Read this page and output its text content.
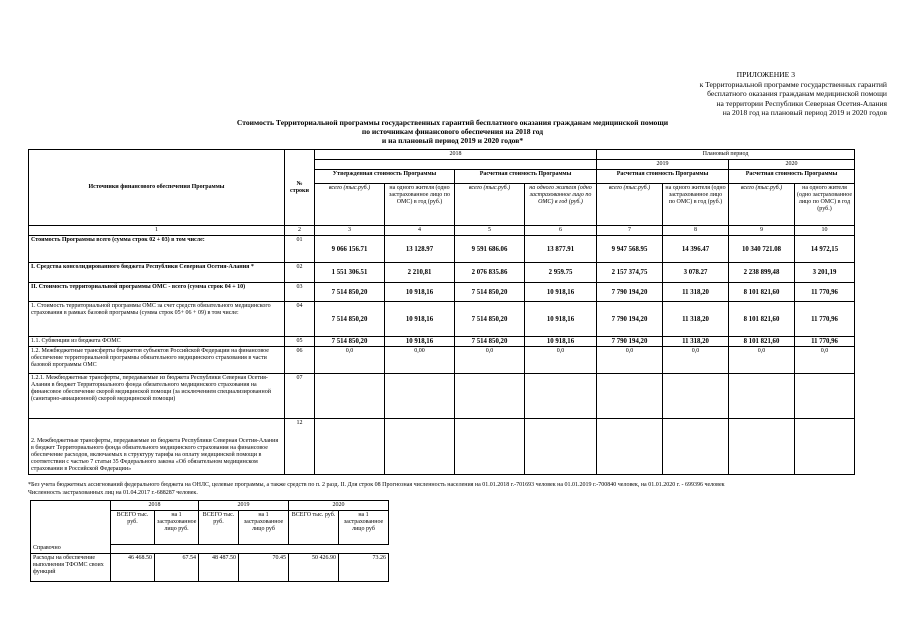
ПРИЛОЖЕНИЕ 3
к Территориальной программе государственных гарантий
бесплатного оказания гражданам медицинской помощи
на территории Республики Северная Осетия-Алания
на 2018 год на плановый период 2019 и 2020 годов
Стоимость Территориальной программы государственных гарантий бесплатного оказания гражданам медицинской помощи
по источникам финансового обеспечения на 2018 год
и на плановый период 2019 и 2020 годов*
Источники финансового обеспечения Программы	№ строки	2018				Плановый период			
						2019		2020	
		Утвержденная стоимость Программы		Расчетная стоимость Программы		Расчетная стоимость Программы		Расчетная стоимость Программы	
		всего (тыс.руб.)	на одного жителя (одно застрахованное лицо по ОМС) в год (руб.)	всего (тыс.руб.)	на одного жителя (одно застрахованное лицо по ОМС) в год (руб.)	всего (тыс.руб.)	на одного жителя (одно застрахованное лицо по ОМС) в год (руб.)	всего (тыс.руб.)	на одного жителя (одно застрахованное лицо по ОМС) в год (руб.)
1	2	3	4	5	6	7	8	9	10
Стоимость Программы всего (сумма строк 02 + 03) в том числе:	01	9 066 156.71	13 128.97	9 591 686.06	13 877.91	9 947 568.95	14 396.47	10 340 721.08	14 972,15
I. Средства консолидированного бюджета Республики Северная Осетия-Алания *	02	1 551 306.51	2 210,81	2 076 835.86	2 959.75	2 157 374,75	3 078.27	2 238 899,48	3 201,19
II. Стоимость территориальной программы ОМС - всего (сумма строк 04 + 10)	03	7 514 850,20	10 918,16	7 514 850,20	10 918,16	7 790 194,20	11 318,20	8 101 821,60	11 770,96
1. Стоимость территориальной программы ОМС за счет средств обязательного медицинского страхования в рамках базовой программы (сумма строк 05+ 06 + 09) в том числе:	04	7 514 850,20	10 918,16	7 514 850,20	10 918,16	7 790 194,20	11 318,20	8 101 821,60	11 770,96
1.1. Субвенции из бюджета ФОМС	05	7 514 850,20	10 918,16	7 514 850,20	10 918,16	7 790 194,20	11 318,20	8 101 821,60	11 770,96
1.2. Межбюджетные трансферты бюджетов субъектов Российской Федерации на финансовое обеспечение территориальной программы обязательного медицинского страхования в части базовой программы ОМС	06	0,0	0,00	0,0	0,0	0,0	0,0	0,0	0,0
1.2.1. Межбюджетные трансферты, передаваемые из бюджета Республики Северная Осетия-Алания в бюджет Территориального фонда обязательного медицинского страхования на финансовое обеспечение скорой медицинской помощи (за исключением специализированной (санитарно-авиационной) скорой медицинской помощи)	07								
2. Межбюджетные трансферты, передаваемые из бюджета Республики Северная Осетия-Алания в бюджет Территориального фонда обязательного медицинского страхования на финансовое обеспечение расходов, включаемых в структуру тарифа на оплату медицинской помощи в соответствии с частью 7 статьи 35 Федерального закона «Об обязательном медицинском страховании в Российской Федерации»	12								
*Без учета бюджетных ассигнований федерального бюджета на ОНЛС, целевые программы, а также средств по п. 2 разд. II. Для строк 08 Прогнозная численность населения на 01.01.2018 г.-701693 человек на 01.01.2019 г.-700840 человек, на 01.01.2020 г. - 699396 человек
Численность застрахованных лиц на 01.04.2017 г.-688287 человек.
	2018		2019		2020	
	ВСЕГО тыс. руб.	на 1 застрахованное лицо руб.	ВСЕГО тыс. руб.	на 1 застрахованное лицо руб	ВСЕГО тыс. руб.	на 1 застрахованное лицо руб
Справочно						
Расходы на обеспечение выполнения ТФОМС своих функций	46 468.50	67.54	48 487.50	70.45	50 426.90	73.26
